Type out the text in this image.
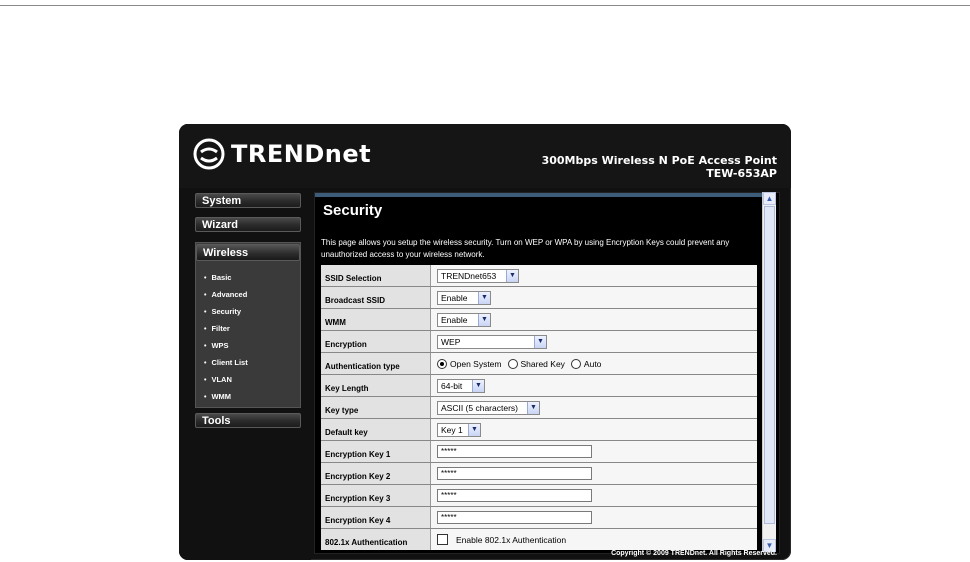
TRENDnet	300Mbps Wireless N PoE Access Point
TEW-653AP
System
Wizard
Wireless
• Basic
• Advanced
• Security
• Filter
• WPS
• Client List
• VLAN
• WMM
Tools
Security
This page allows you setup the wireless security. Turn on WEP or WPA by using Encryption Keys could prevent any unauthorized access to your wireless network.
SSID Selection	TRENDnet653	▼
Broadcast SSID	Enable	▼
WMM	Enable	▼
Encryption	WEP	▼
Authentication type	Open System Shared Key Auto
Key Length	64-bit	▼
Key type	ASCII (5 characters)	▼
Default key	Key 1	▼
Encryption Key 1	*****
Encryption Key 2	*****
Encryption Key 3	*****
Encryption Key 4	*****
802.1x Authentication	Enable 802.1x Authentication
▲
▼
Copyright © 2009 TRENDnet. All Rights Reserved.
